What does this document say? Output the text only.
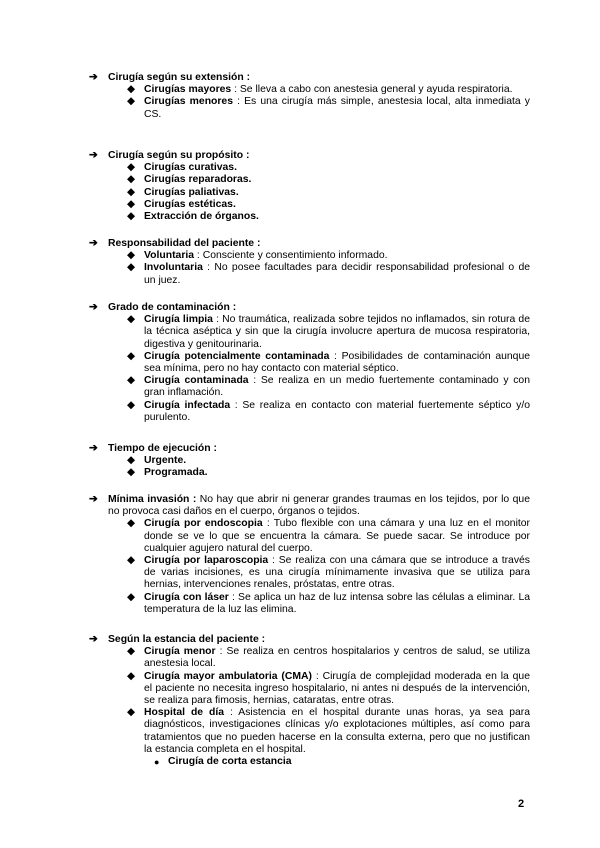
➔ Cirugía según su extensión :
◆ Cirugías mayores : Se lleva a cabo con anestesia general y ayuda respiratoria.
◆ Cirugías menores : Es una cirugía más simple, anestesia local, alta inmediata y CS.
➔ Cirugía según su propósito :
◆ Cirugías curativas.
◆ Cirugías reparadoras.
◆ Cirugías paliativas.
◆ Cirugías estéticas.
◆ Extracción de órganos.
➔ Responsabilidad del paciente :
◆ Voluntaria : Consciente y consentimiento informado.
◆ Involuntaria : No posee facultades para decidir responsabilidad profesional o de un juez.
➔ Grado de contaminación :
◆ Cirugía limpia : No traumática, realizada sobre tejidos no inflamados, sin rotura de la técnica aséptica y sin que la cirugía involucre apertura de mucosa respiratoria, digestiva y genitourinaria.
◆ Cirugía potencialmente contaminada : Posibilidades de contaminación aunque sea mínima, pero no hay contacto con material séptico.
◆ Cirugía contaminada : Se realiza en un medio fuertemente contaminado y con gran inflamación.
◆ Cirugía infectada : Se realiza en contacto con material fuertemente séptico y/o purulento.
➔ Tiempo de ejecución :
◆ Urgente.
◆ Programada.
➔ Mínima invasión : No hay que abrir ni generar grandes traumas en los tejidos, por lo que no provoca casi daños en el cuerpo, órganos o tejidos.
◆ Cirugía por endoscopia : Tubo flexible con una cámara y una luz en el monitor donde se ve lo que se encuentra la cámara. Se puede sacar. Se introduce por cualquier agujero natural del cuerpo.
◆ Cirugía por laparoscopia : Se realiza con una cámara que se introduce a través de varias incisiones, es una cirugía mínimamente invasiva que se utiliza para hernias, intervenciones renales, próstatas, entre otras.
◆ Cirugía con láser : Se aplica un haz de luz intensa sobre las células a eliminar. La temperatura de la luz las elimina.
➔ Según la estancia del paciente :
◆ Cirugía menor : Se realiza en centros hospitalarios y centros de salud, se utiliza anestesia local.
◆ Cirugía mayor ambulatoria (CMA) : Cirugía de complejidad moderada en la que el paciente no necesita ingreso hospitalario, ni antes ni después de la intervención, se realiza para fimosis, hernias, cataratas, entre otras.
◆ Hospital de día : Asistencia en el hospital durante unas horas, ya sea para diagnósticos, investigaciones clínicas y/o explotaciones múltiples, así como para tratamientos que no pueden hacerse en la consulta externa, pero que no justifican la estancia completa en el hospital.
● Cirugía de corta estancia
2
